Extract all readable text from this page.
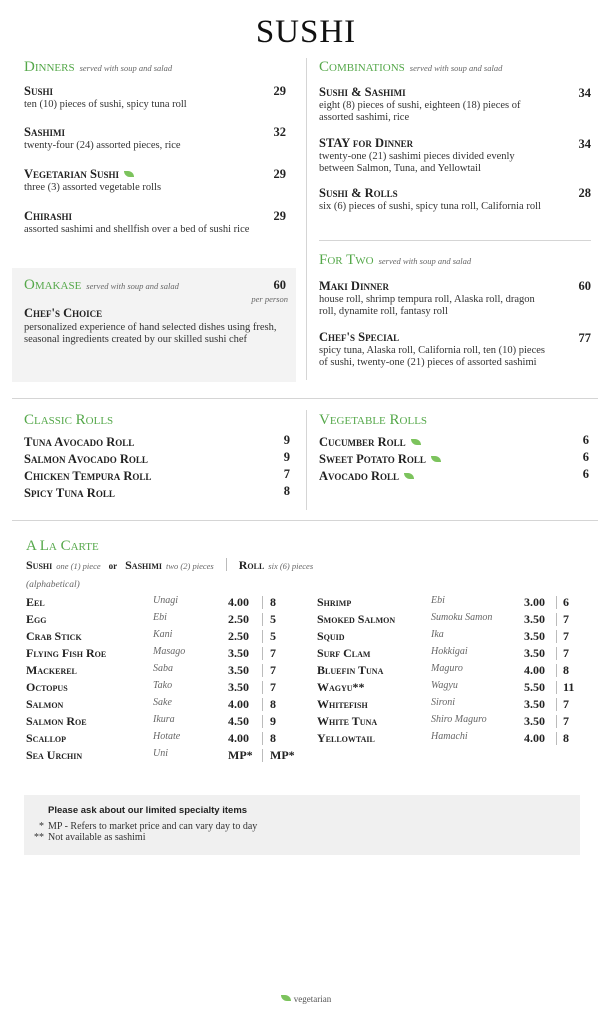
SUSHI
Dinners served with soup and salad
Sushi
ten (10) pieces of sushi, spicy tuna roll
29
Sashimi
twenty-four (24) assorted pieces, rice
32
Vegetarian Sushi
three (3) assorted vegetable rolls
29
Chirashi
assorted sashimi and shellfish over a bed of sushi rice
29
Omakase served with soup and salad	60
per person
Chef's Choice
personalized experience of hand selected dishes using fresh, seasonal ingredients created by our skilled sushi chef
Combinations served with soup and salad
Sushi & Sashimi
eight (8) pieces of sushi, eighteen (18) pieces of assorted sashimi, rice
34
STAY for Dinner
twenty-one (21) sashimi pieces divided evenly between Salmon, Tuna, and Yellowtail
34
Sushi & Rolls
six (6) pieces of sushi, spicy tuna roll, California roll
28
For Two served with soup and salad
Maki Dinner
house roll, shrimp tempura roll, Alaska roll, dragon roll, dynamite roll, fantasy roll
60
Chef's Special
spicy tuna, Alaska roll, California roll, ten (10) pieces of sushi, twenty-one (21) pieces of assorted sashimi
77
Classic Rolls
Tuna Avocado Roll	9
Salmon Avocado Roll	9
Chicken Tempura Roll	7
Spicy Tuna Roll	8
Vegetable Rolls
Cucumber Roll	6
Sweet Potato Roll	6
Avocado Roll	6
A La Carte
Sushi one (1) piece or Sashimi two (2) pieces Roll six (6) pieces
(alphabetical)
Eel	Unagi	4.00 8
Egg	Ebi	2.50 5
Crab Stick	Kani	2.50 5
Flying Fish Roe	Masago	3.50 7
Mackerel	Saba	3.50 7
Octopus	Tako	3.50 7
Salmon	Sake	4.00 8
Salmon Roe	Ikura	4.50 9
Scallop	Hotate	4.00 8
Sea Urchin	Uni	MP* MP*
Shrimp	Ebi	3.00 6
Smoked Salmon	Sumoku Samon	3.50 7
Squid	Ika	3.50 7
Surf Clam	Hokkigai	3.50 7
Bluefin Tuna	Maguro	4.00 8
Wagyu**	Wagyu	5.50 11
Whitefish	Sironi	3.50 7
White Tuna	Shiro Maguro	3.50 7
Yellowtail	Hamachi	4.00 8
Please ask about our limited specialty items
* MP - Refers to market price and can vary day to day
** Not available as sashimi
vegetarian
